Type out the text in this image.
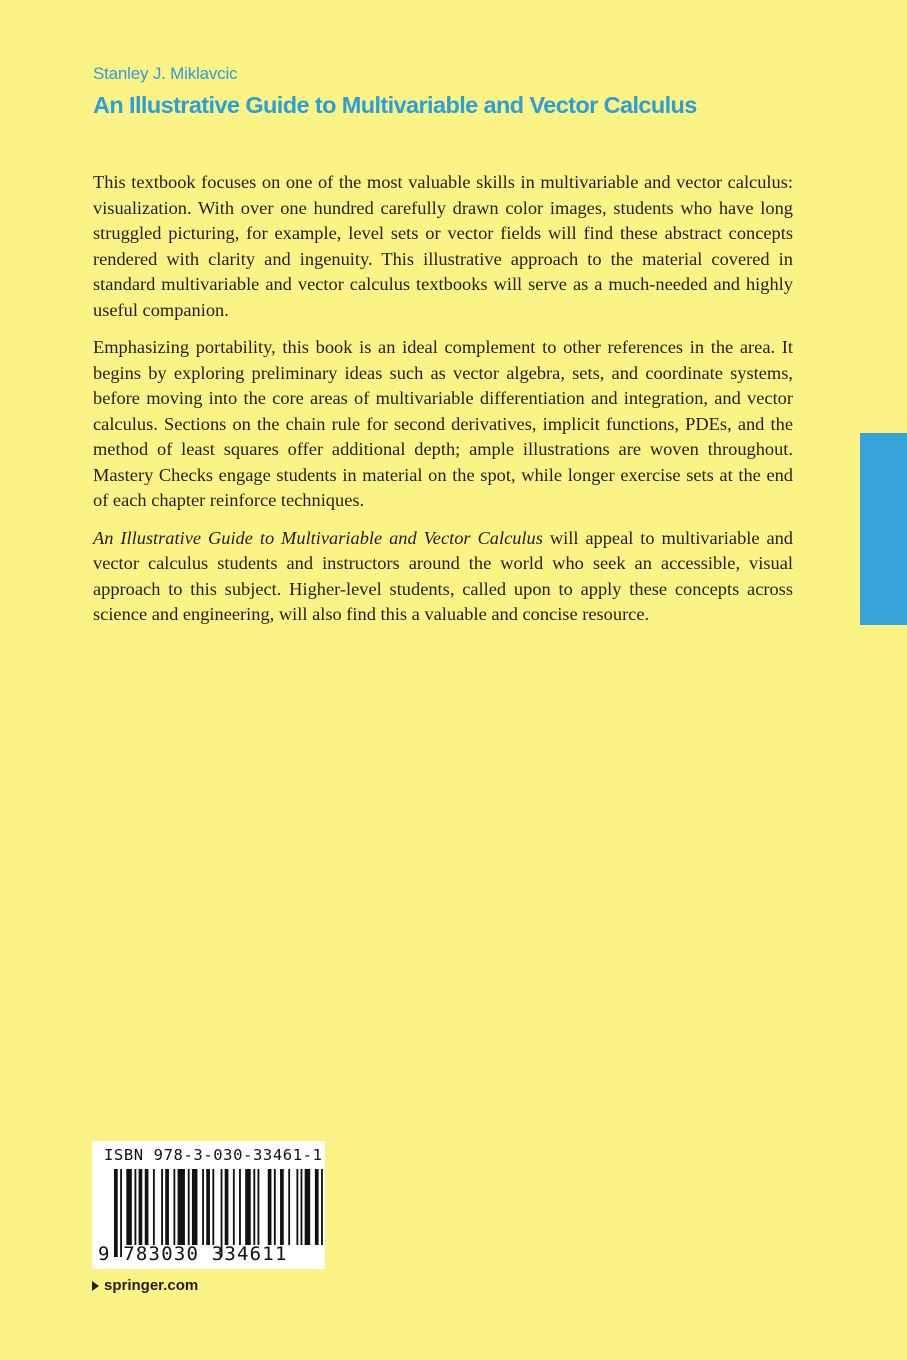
Stanley J. Miklavcic
An Illustrative Guide to Multivariable and Vector Calculus

This textbook focuses on one of the most valuable skills in multivariable and vector calculus: visualization. With over one hundred carefully drawn color images, students who have long struggled picturing, for example, level sets or vector fields will find these abstract concepts rendered with clarity and ingenuity. This illustrative approach to the material covered in standard multivariable and vector calculus textbooks will serve as a much-needed and highly useful companion.

Emphasizing portability, this book is an ideal complement to other references in the area. It begins by exploring preliminary ideas such as vector algebra, sets, and coordinate systems, before moving into the core areas of multivariable differentiation and integration, and vector calculus. Sections on the chain rule for second derivatives, implicit functions, PDEs, and the method of least squares offer additional depth; ample illustrations are woven throughout. Mastery Checks engage students in material on the spot, while longer exercise sets at the end of each chapter reinforce techniques.

An Illustrative Guide to Multivariable and Vector Calculus will appeal to multivariable and vector calculus students and instructors around the world who seek an accessible, visual approach to this subject. Higher-level students, called upon to apply these concepts across science and engineering, will also find this a valuable and concise resource.

ISBN 978-3-030-33461-1
9 783030 334611
springer.com
